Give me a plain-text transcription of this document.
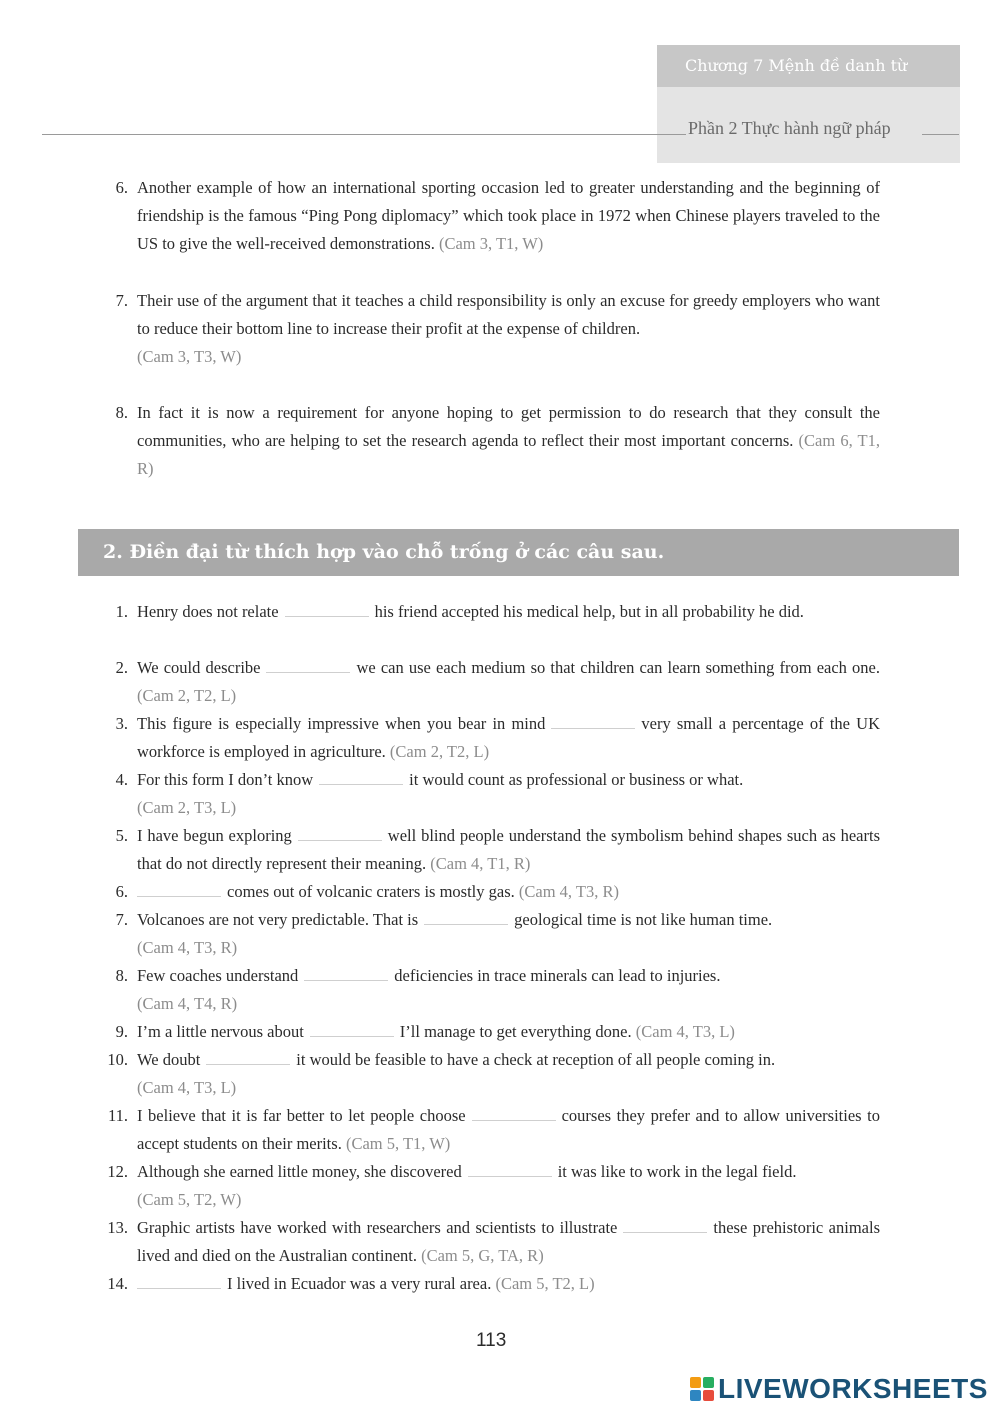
Chương 7 Mệnh đề danh từ
Phần 2 Thực hành ngữ pháp
6. Another example of how an international sporting occasion led to greater understanding and the beginning of friendship is the famous “Ping Pong diplomacy” which took place in 1972 when Chinese players traveled to the US to give the well-received demonstrations. (Cam 3, T1, W)
7. Their use of the argument that it teaches a child responsibility is only an excuse for greedy employers who want to reduce their bottom line to increase their profit at the expense of children.
(Cam 3, T3, W)
8. In fact it is now a requirement for anyone hoping to get permission to do research that they consult the communities, who are helping to set the research agenda to reflect their most important concerns. (Cam 6, T1, R)
2. Điền đại từ thích hợp vào chỗ trống ở các câu sau.
1. Henry does not relate	his friend accepted his medical help, but in all probability he did.
2. We could describe	we can use each medium so that children can learn something from each one. (Cam 2, T2, L)
3. This figure is especially impressive when you bear in mind	very small a percentage of the UK workforce is employed in agriculture. (Cam 2, T2, L)
4. For this form I don’t know	it would count as professional or business or what.
(Cam 2, T3, L)
5. I have begun exploring	well blind people understand the symbolism behind shapes such as hearts that do not directly represent their meaning. (Cam 4, T1, R)
6.	comes out of volcanic craters is mostly gas. (Cam 4, T3, R)
7. Volcanoes are not very predictable. That is	geological time is not like human time.
(Cam 4, T3, R)
8. Few coaches understand	deficiencies in trace minerals can lead to injuries.
(Cam 4, T4, R)
9. I’m a little nervous about	I’ll manage to get everything done. (Cam 4, T3, L)
10. We doubt	it would be feasible to have a check at reception of all people coming in.
(Cam 4, T3, L)
11. I believe that it is far better to let people choose	courses they prefer and to allow universities to accept students on their merits. (Cam 5, T1, W)
12. Although she earned little money, she discovered	it was like to work in the legal field.
(Cam 5, T2, W)
13. Graphic artists have worked with researchers and scientists to illustrate	these prehistoric animals lived and died on the Australian continent. (Cam 5, G, TA, R)
14.	I lived in Ecuador was a very rural area. (Cam 5, T2, L)
113
LIVEWORKSHEETS
